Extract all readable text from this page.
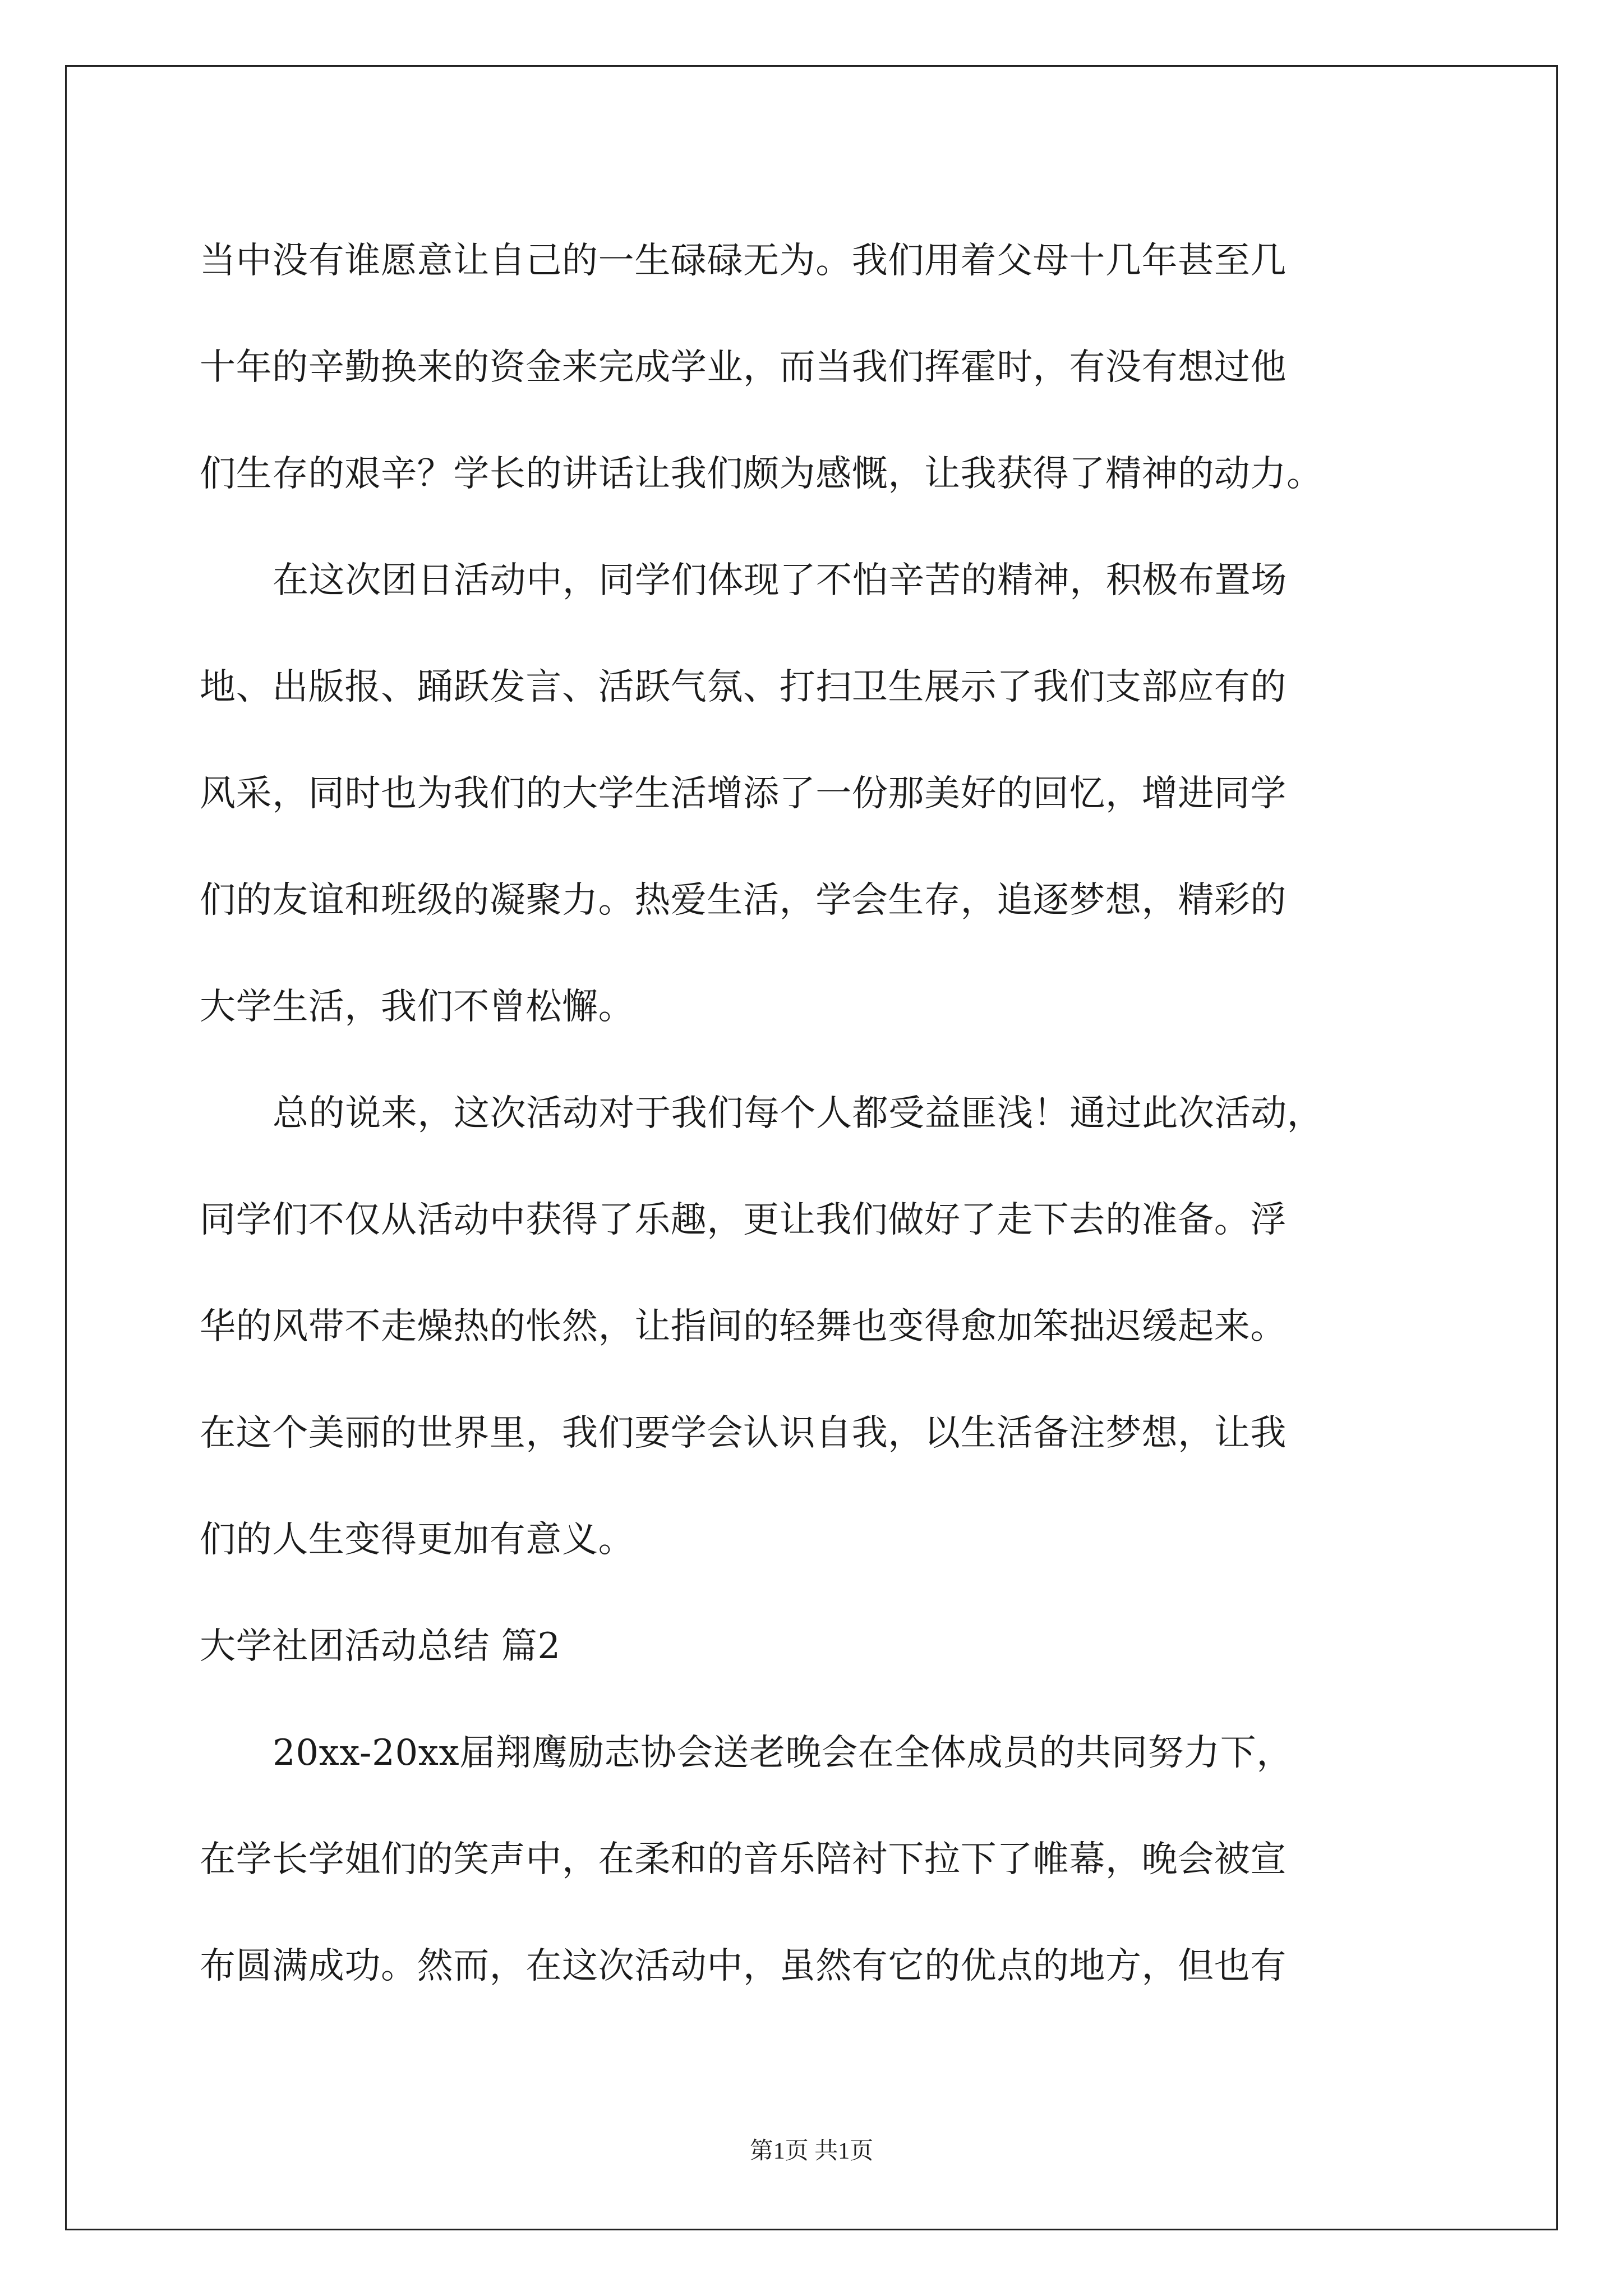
当中没有谁愿意让自己的一生碌碌无为。我们用着父母十几年甚至几
十年的辛勤换来的资金来完成学业，而当我们挥霍时，有没有想过他
们生存的艰辛？学长的讲话让我们颇为感慨，让我获得了精神的动力。
在这次团日活动中，同学们体现了不怕辛苦的精神，积极布置场
地、出版报、踊跃发言、活跃气氛、打扫卫生展示了我们支部应有的
风采，同时也为我们的大学生活增添了一份那美好的回忆，增进同学
们的友谊和班级的凝聚力。热爱生活，学会生存，追逐梦想，精彩的
大学生活，我们不曾松懈。
总的说来，这次活动对于我们每个人都受益匪浅！通过此次活动，
同学们不仅从活动中获得了乐趣，更让我们做好了走下去的准备。浮
华的风带不走燥热的怅然，让指间的轻舞也变得愈加笨拙迟缓起来。
在这个美丽的世界里，我们要学会认识自我，以生活备注梦想，让我
们的人生变得更加有意义。
大学社团活动总结 篇2
20xx-20xx届翔鹰励志协会送老晚会在全体成员的共同努力下，
在学长学姐们的笑声中，在柔和的音乐陪衬下拉下了帷幕，晚会被宣
布圆满成功。然而，在这次活动中，虽然有它的优点的地方，但也有
第1页 共1页
